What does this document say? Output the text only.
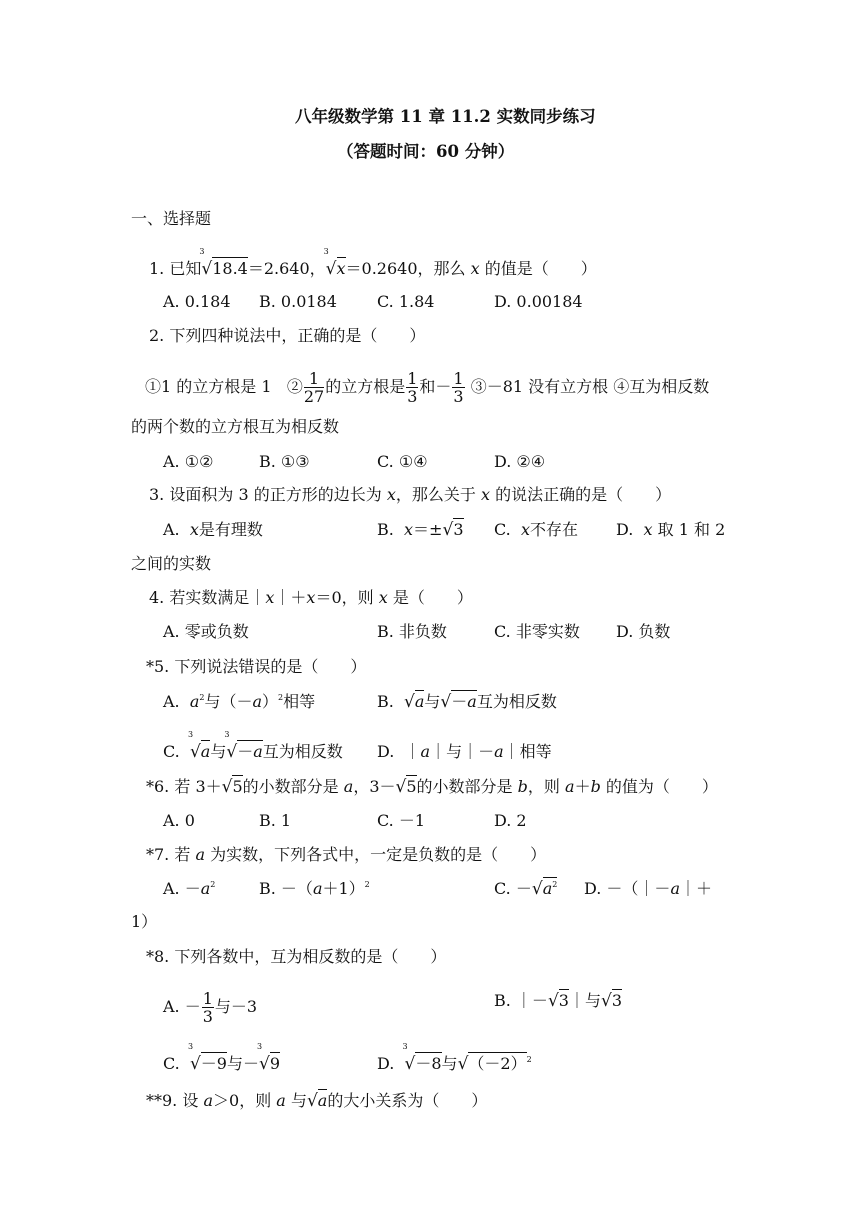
八年级数学第 11 章 11.2 实数同步练习
（答题时间：60 分钟）
一、选择题
1. 已知
3
√18.4＝2.640，
3
√x＝0.2640，那么 x 的值是（　　）
A. 0.184 B. 0.0184	C. 1.84	D. 0.00184
2. 下列四种说法中，正确的是（　　）
①1 的立方根是 1 ② $\frac{1}{27}$ 的立方根是 $\frac{1}{3}$ 和－ $\frac{1}{3}$ ③－81 没有立方根 ④互为相反数
的两个数的立方根互为相反数
A. ①②	B. ①③	C. ①④	D. ②④
3. 设面积为 3 的正方形的边长为 x，那么关于 x 的说法正确的是（　　）
A. x是有理数	B. x＝±√3 C. x不存在 D. x 取 1 和 2
之间的实数
4. 若实数满足｜x｜＋x＝0，则 x 是（　　）
A. 零或负数	B. 非负数	C. 非零实数 D. 负数
*5. 下列说法错误的是（　　）
A. $a^2$与$(-a)^2$相等	B. √a与√－a互为相反数
C.
3
√a与
3
√－a互为相反数 D. ｜a｜与｜－a｜相等
*6. 若 3＋√5的小数部分是 a，3－√5的小数部分是 b，则 a＋b 的值为（　　）
A. 0	B. 1	C. －1	D. 2
*7. 若 a 为实数，下列各式中，一定是负数的是（　　）
A. $-a^2$	B. $-(a+1)^2$	C. $-√a^2$ D. －（｜－a｜＋
1）
*8. 下列各数中，互为相反数的是（　　）
A. － $\frac{1}{3}$ 与－3	B. ｜－√3｜与√3
C.
3
√－9与－
3
√9	D.
3
√－8与$√(-2)^2$
**9. 设 a＞0，则 a 与√a的大小关系为（　　）
